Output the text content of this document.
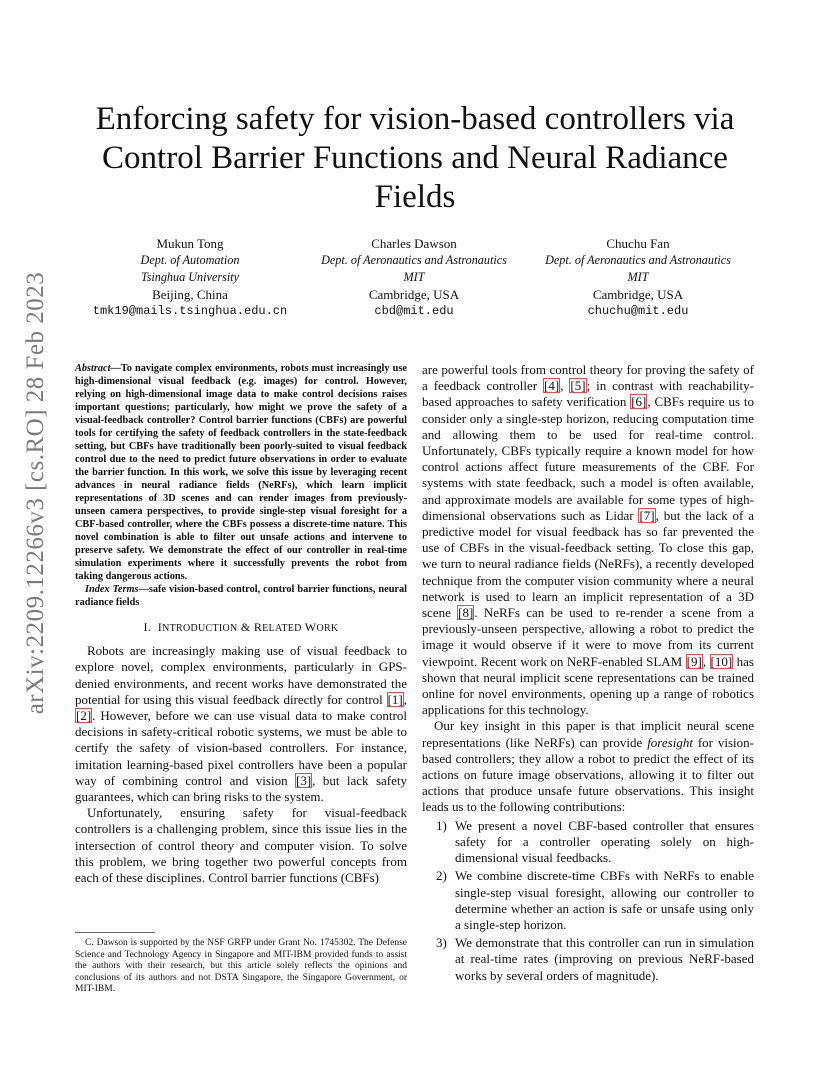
arXiv:2209.12266v3 [cs.RO] 28 Feb 2023
Enforcing safety for vision-based controllers via Control Barrier Functions and Neural Radiance Fields
Mukun Tong
Dept. of Automation
Tsinghua University
Beijing, China
tmk19@mails.tsinghua.edu.cn
Charles Dawson
Dept. of Aeronautics and Astronautics
MIT
Cambridge, USA
cbd@mit.edu
Chuchu Fan
Dept. of Aeronautics and Astronautics
MIT
Cambridge, USA
chuchu@mit.edu

Abstract—To navigate complex environments, robots must increasingly use high-dimensional visual feedback (e.g. images) for control. However, relying on high-dimensional image data to make control decisions raises important questions; particularly, how might we prove the safety of a visual-feedback controller? Control barrier functions (CBFs) are powerful tools for certifying the safety of feedback controllers in the state-feedback setting, but CBFs have traditionally been poorly-suited to visual feedback control due to the need to predict future observations in order to evaluate the barrier function. In this work, we solve this issue by leveraging recent advances in neural radiance fields (NeRFs), which learn implicit representations of 3D scenes and can render images from previously-unseen camera perspectives, to provide single-step visual foresight for a CBF-based controller, where the CBFs possess a discrete-time nature. This novel combination is able to filter out unsafe actions and intervene to preserve safety. We demonstrate the effect of our controller in real-time simulation experiments where it successfully prevents the robot from taking dangerous actions.

Index Terms—safe vision-based control, control barrier functions, neural radiance fields

I. INTRODUCTION & RELATED WORK

Robots are increasingly making use of visual feedback to explore novel, complex environments, particularly in GPS-denied environments, and recent works have demonstrated the potential for using this visual feedback directly for control [1], [2]. However, before we can use visual data to make control decisions in safety-critical robotic systems, we must be able to certify the safety of vision-based controllers. For instance, imitation learning-based pixel controllers have been a popular way of combining control and vision [3], but lack safety guarantees, which can bring risks to the system.

Unfortunately, ensuring safety for visual-feedback controllers is a challenging problem, since this issue lies in the intersection of control theory and computer vision. To solve this problem, we bring together two powerful concepts from each of these disciplines. Control barrier functions (CBFs)

C. Dawson is supported by the NSF GRFP under Grant No. 1745302. The Defense Science and Technology Agency in Singapore and MIT-IBM provided funds to assist the authors with their research, but this article solely reflects the opinions and conclusions of its authors and not DSTA Singapore, the Singapore Government, or MIT-IBM.

are powerful tools from control theory for proving the safety of a feedback controller [4], [5]; in contrast with reachability-based approaches to safety verification [6], CBFs require us to consider only a single-step horizon, reducing computation time and allowing them to be used for real-time control. Unfortunately, CBFs typically require a known model for how control actions affect future measurements of the CBF. For systems with state feedback, such a model is often available, and approximate models are available for some types of high-dimensional observations such as Lidar [7], but the lack of a predictive model for visual feedback has so far prevented the use of CBFs in the visual-feedback setting. To close this gap, we turn to neural radiance fields (NeRFs), a recently developed technique from the computer vision community where a neural network is used to learn an implicit representation of a 3D scene [8]. NeRFs can be used to re-render a scene from a previously-unseen perspective, allowing a robot to predict the image it would observe if it were to move from its current viewpoint. Recent work on NeRF-enabled SLAM [9], [10] has shown that neural implicit scene representations can be trained online for novel environments, opening up a range of robotics applications for this technology.

Our key insight in this paper is that implicit neural scene representations (like NeRFs) can provide foresight for vision-based controllers; they allow a robot to predict the effect of its actions on future image observations, allowing it to filter out actions that produce unsafe future observations. This insight leads us to the following contributions:

1) We present a novel CBF-based controller that ensures safety for a controller operating solely on high-dimensional visual feedbacks.
2) We combine discrete-time CBFs with NeRFs to enable single-step visual foresight, allowing our controller to determine whether an action is safe or unsafe using only a single-step horizon.
3) We demonstrate that this controller can run in simulation at real-time rates (improving on previous NeRF-based works by several orders of magnitude).
